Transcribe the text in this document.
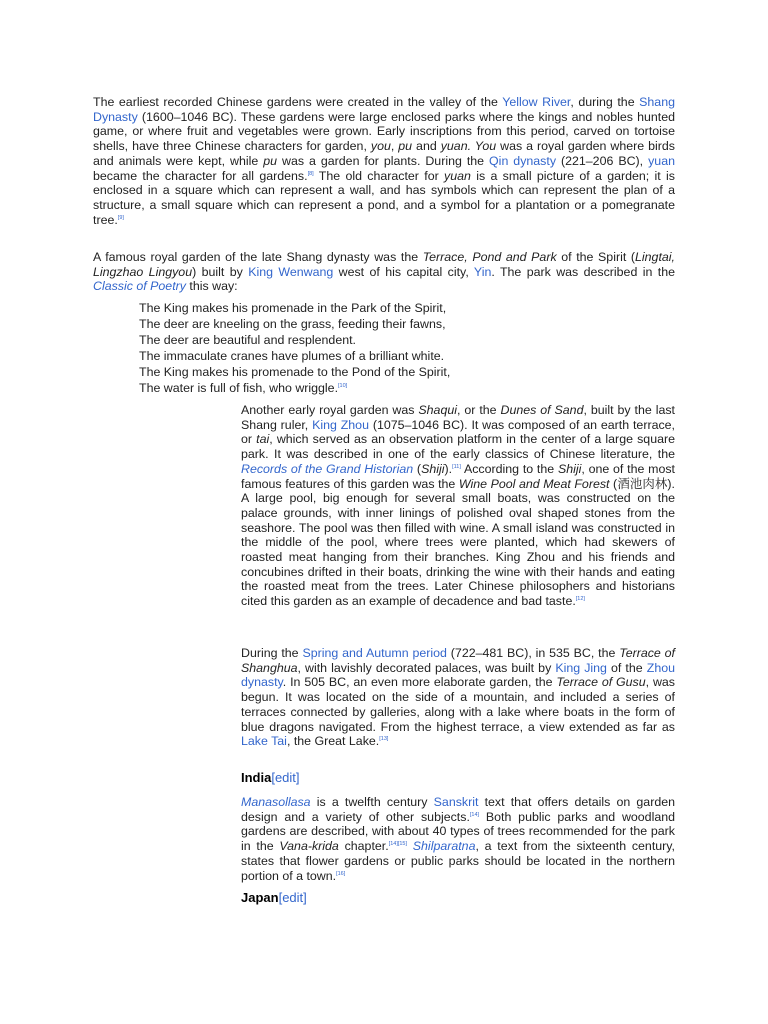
The earliest recorded Chinese gardens were created in the valley of the Yellow River, during the Shang Dynasty (1600–1046 BC). These gardens were large enclosed parks where the kings and nobles hunted game, or where fruit and vegetables were grown. Early inscriptions from this period, carved on tortoise shells, have three Chinese characters for garden, you, pu and yuan. You was a royal garden where birds and animals were kept, while pu was a garden for plants. During the Qin dynasty (221–206 BC), yuan became the character for all gardens.[8] The old character for yuan is a small picture of a garden; it is enclosed in a square which can represent a wall, and has symbols which can represent the plan of a structure, a small square which can represent a pond, and a symbol for a plantation or a pomegranate tree.[9]

A famous royal garden of the late Shang dynasty was the Terrace, Pond and Park of the Spirit (Lingtai, Lingzhao Lingyou) built by King Wenwang west of his capital city, Yin. The park was described in the Classic of Poetry this way:

The King makes his promenade in the Park of the Spirit,
The deer are kneeling on the grass, feeding their fawns,
The deer are beautiful and resplendent.
The immaculate cranes have plumes of a brilliant white.
The King makes his promenade to the Pond of the Spirit,
The water is full of fish, who wriggle.[10]

Another early royal garden was Shaqui, or the Dunes of Sand, built by the last Shang ruler, King Zhou (1075–1046 BC). It was composed of an earth terrace, or tai, which served as an observation platform in the center of a large square park. It was described in one of the early classics of Chinese literature, the Records of the Grand Historian (Shiji).[11] According to the Shiji, one of the most famous features of this garden was the Wine Pool and Meat Forest (酒池肉林). A large pool, big enough for several small boats, was constructed on the palace grounds, with inner linings of polished oval shaped stones from the seashore. The pool was then filled with wine. A small island was constructed in the middle of the pool, where trees were planted, which had skewers of roasted meat hanging from their branches. King Zhou and his friends and concubines drifted in their boats, drinking the wine with their hands and eating the roasted meat from the trees. Later Chinese philosophers and historians cited this garden as an example of decadence and bad taste.[12]

During the Spring and Autumn period (722–481 BC), in 535 BC, the Terrace of Shanghua, with lavishly decorated palaces, was built by King Jing of the Zhou dynasty. In 505 BC, an even more elaborate garden, the Terrace of Gusu, was begun. It was located on the side of a mountain, and included a series of terraces connected by galleries, along with a lake where boats in the form of blue dragons navigated. From the highest terrace, a view extended as far as Lake Tai, the Great Lake.[13]

India[edit]

Manasollasa is a twelfth century Sanskrit text that offers details on garden design and a variety of other subjects.[14] Both public parks and woodland gardens are described, with about 40 types of trees recommended for the park in the Vana-krida chapter.[14][15] Shilparatna, a text from the sixteenth century, states that flower gardens or public parks should be located in the northern portion of a town.[16]

Japan[edit]
